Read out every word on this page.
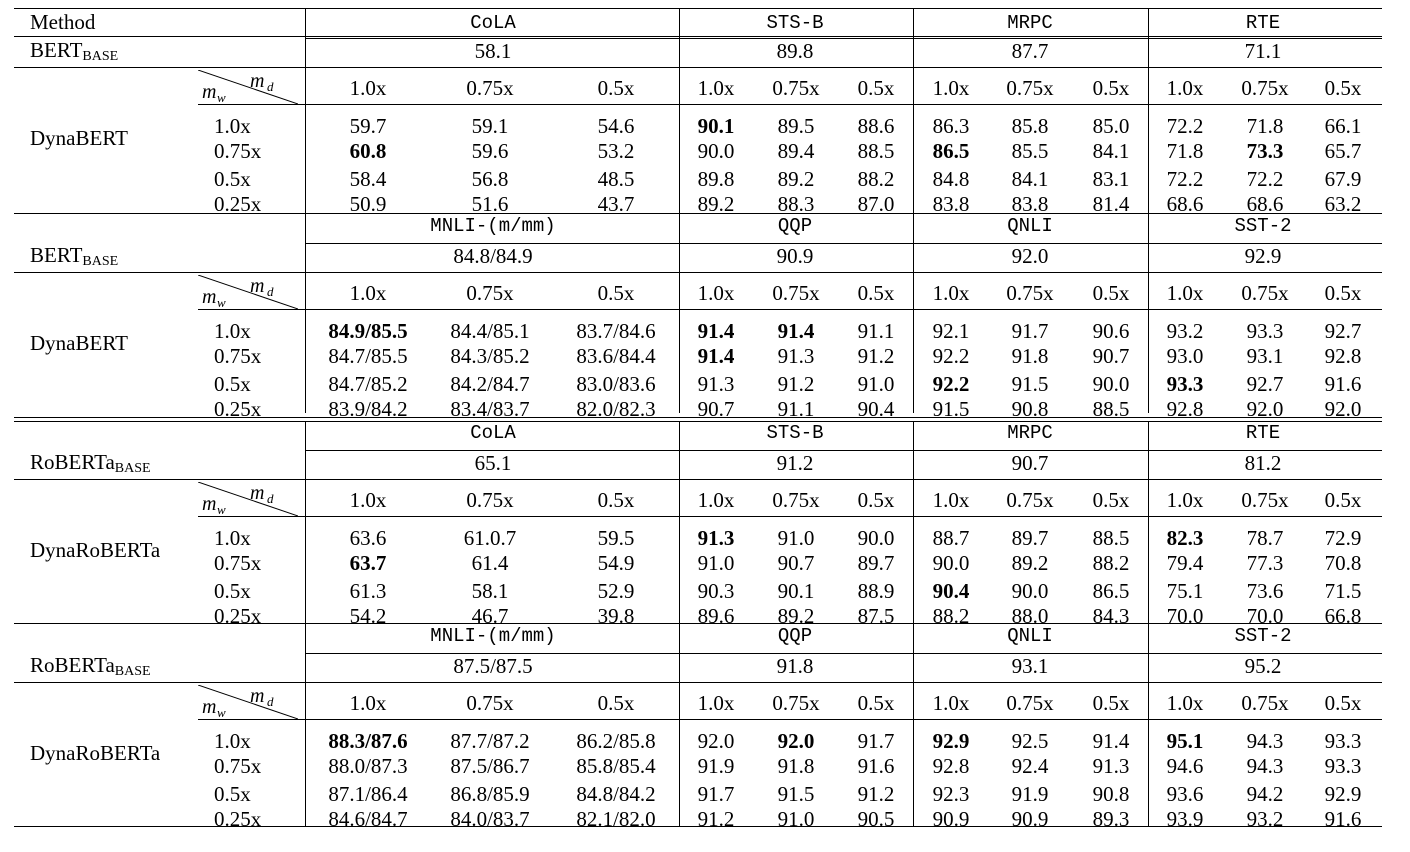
Method	CoLA	STS-B	MRPC	RTE
$BERT_{BASE}$	58.1	89.8	87.7	71.1
m w
m d	1.0x	0.75x	0.5x	1.0x 0.75x 0.5x 1.0x 0.75x 0.5x 1.0x 0.75x 0.5x
DynaBERT	1.0x	59.7	59.1	54.6	90.1 89.5 88.6 86.3 85.8 85.0 72.2 71.8 66.1
0.75x	60.8	59.6	53.2	90.0 89.4 88.5 86.5 85.5 84.1 71.8 73.3 65.7
0.5x	58.4	56.8	48.5	89.8 89.2 88.2 84.8 84.1 83.1 72.2 72.2 67.9
0.25x	50.9	51.6	43.7	89.2 88.3 87.0 83.8 83.8 81.4 68.6 68.6 63.2
MNLI-(m/mm)	QQP	QNLI	SST-2
$BERT_{BASE}$	84.8/84.9	90.9	92.0	92.9
m w
m d	1.0x	0.75x	0.5x	1.0x 0.75x 0.5x 1.0x 0.75x 0.5x 1.0x 0.75x 0.5x
DynaBERT	1.0x	84.9/85.5 84.4/85.1 83.7/84.6 91.4 91.4 91.1 92.1 91.7 90.6 93.2 93.3 92.7
0.75x	84.7/85.5 84.3/85.2 83.6/84.4 91.4 91.3 91.2 92.2 91.8 90.7 93.0 93.1 92.8
0.5x	84.7/85.2 84.2/84.7 83.0/83.6 91.3 91.2 91.0 92.2 91.5 90.0 93.3 92.7 91.6
0.25x	83.9/84.2 83.4/83.7 82.0/82.3 90.7 91.1 90.4 91.5 90.8 88.5 92.8 92.0 92.0
CoLA	STS-B	MRPC	RTE
RoBERTa$_{BASE}$	65.1	91.2	90.7	81.2
m w
m d	1.0x	0.75x	0.5x	1.0x 0.75x 0.5x 1.0x 0.75x 0.5x 1.0x 0.75x 0.5x
DynaRoBERTa	1.0x	63.6	61.0.7	59.5	91.3 91.0 90.0 88.7 89.7 88.5 82.3 78.7 72.9
0.75x	63.7	61.4	54.9	91.0 90.7 89.7 90.0 89.2 88.2 79.4 77.3 70.8
0.5x	61.3	58.1	52.9	90.3 90.1 88.9 90.4 90.0 86.5 75.1 73.6 71.5
0.25x	54.2	46.7	39.8	89.6 89.2 87.5 88.2 88.0 84.3 70.0 70.0 66.8
MNLI-(m/mm)	QQP	QNLI	SST-2
RoBERTa$_{BASE}$	87.5/87.5	91.8	93.1	95.2
m w
m d	1.0x	0.75x	0.5x	1.0x 0.75x 0.5x 1.0x 0.75x 0.5x 1.0x 0.75x 0.5x
DynaRoBERTa	1.0x	88.3/87.6 87.7/87.2 86.2/85.8 92.0 92.0 91.7 92.9 92.5 91.4 95.1 94.3 93.3
0.75x	88.0/87.3 87.5/86.7 85.8/85.4 91.9 91.8 91.6 92.8 92.4 91.3 94.6 94.3 93.3
0.5x	87.1/86.4 86.8/85.9 84.8/84.2 91.7 91.5 91.2 92.3 91.9 90.8 93.6 94.2 92.9
0.25x	84.6/84.7 84.0/83.7 82.1/82.0 91.2 91.0 90.5 90.9 90.9 89.3 93.9 93.2 91.6
